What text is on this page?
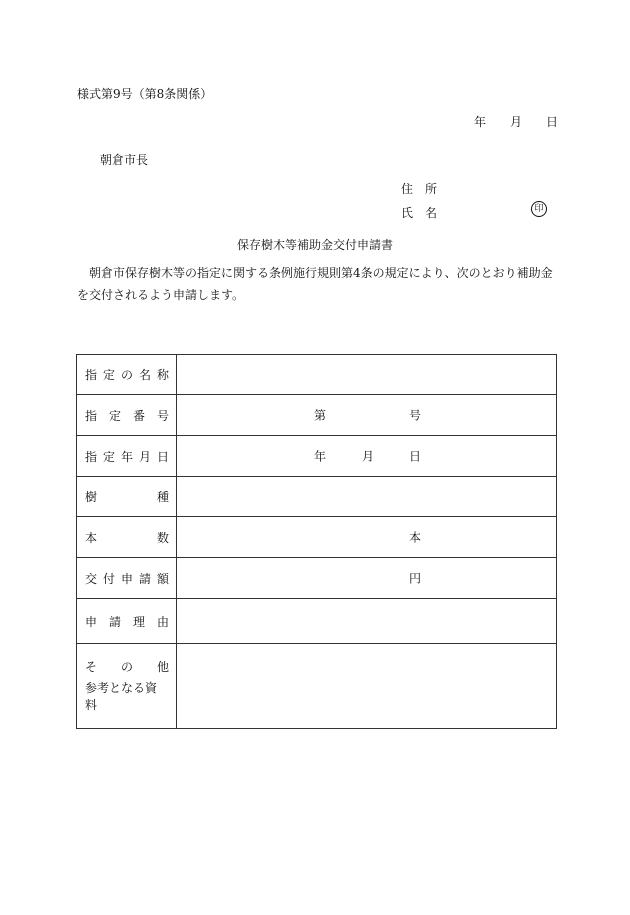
様式第9号（第8条関係）
年 月 日
朝倉市長
住 所
氏 名	印
保存樹木等補助金交付申請書
朝倉市保存樹木等の指定に関する条例施行規則第4条の規定により、次のとおり補助金を交付されるよう申請します。
指 定 の 名 称	

指 定 番 号	第 号

指 定 年 月 日	年 月 日

樹 種	

本 数	本

交 付 申 請 額	円

申 請 理 由	

そ の 他
参考となる資料	
